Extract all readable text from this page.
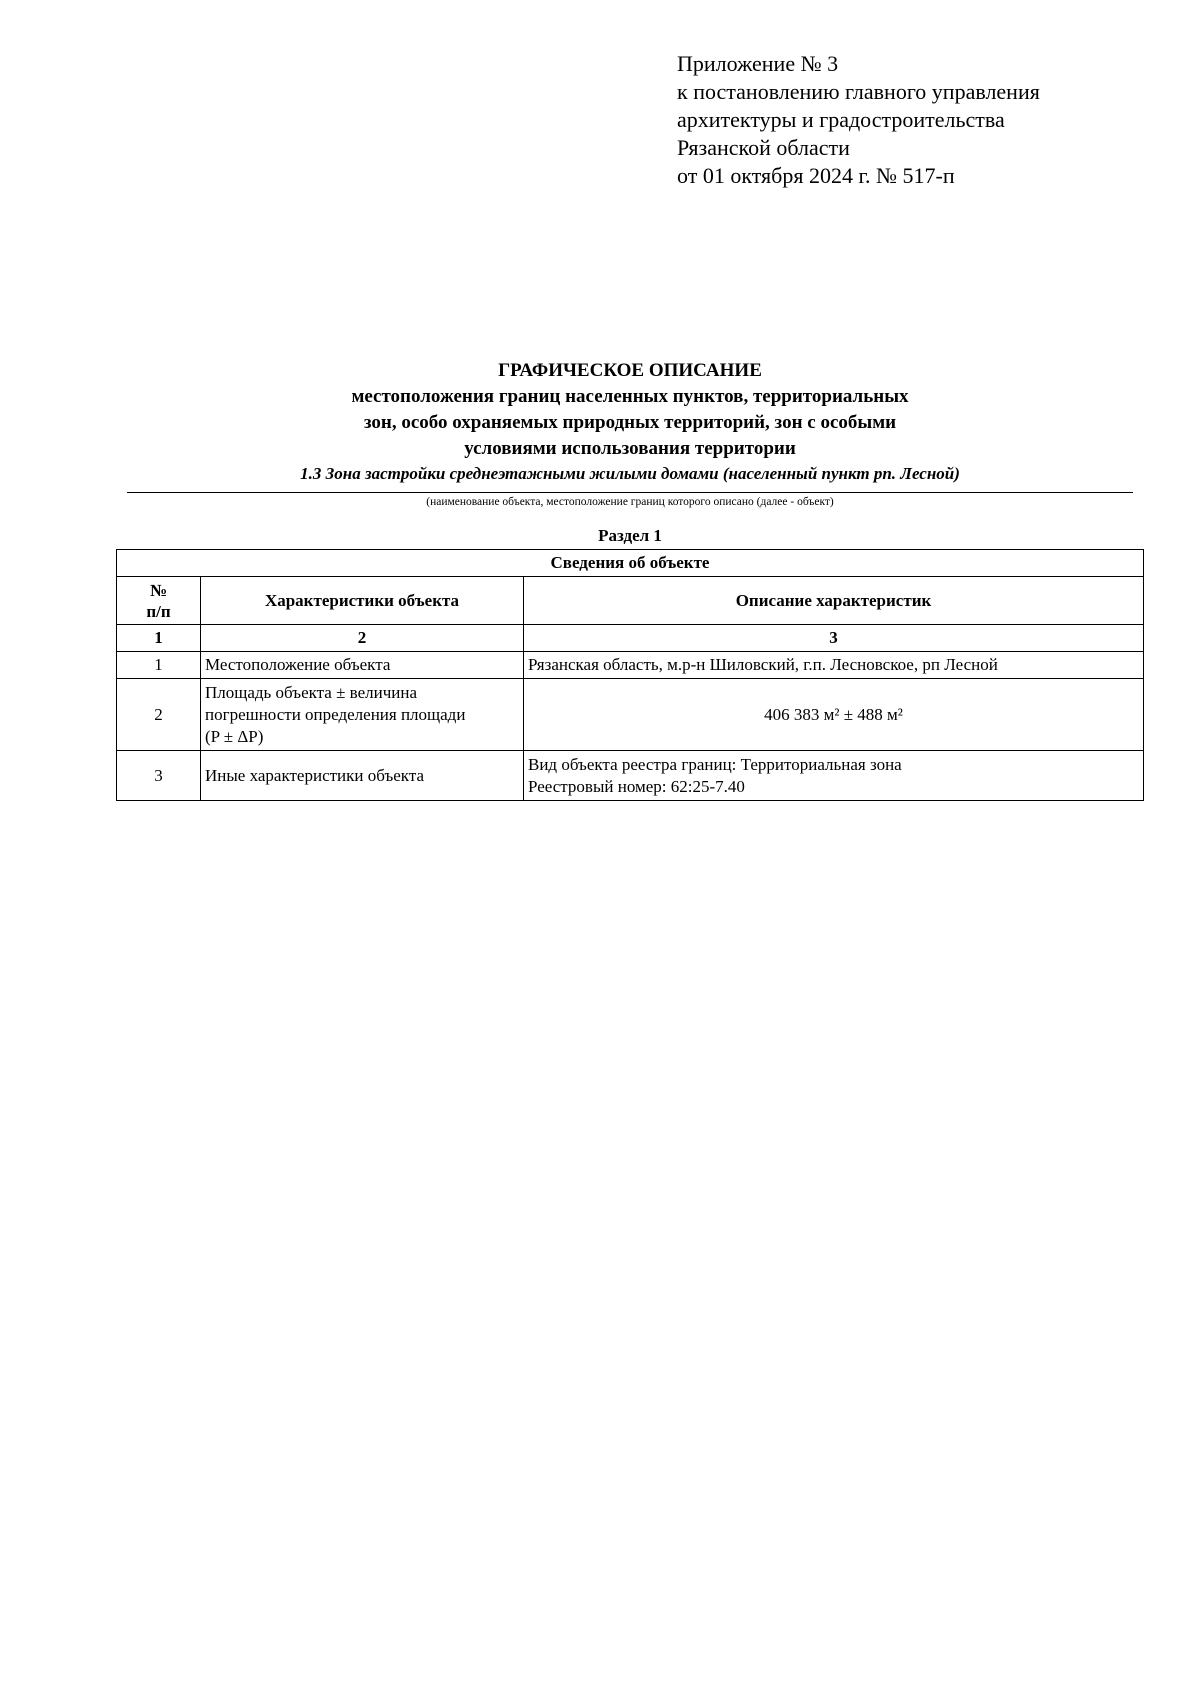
Приложение № 3
к постановлению главного управления
архитектуры и градостроительства
Рязанской области
от 01 октября 2024 г. № 517-п
ГРАФИЧЕСКОЕ ОПИСАНИЕ
местоположения границ населенных пунктов, территориальных
зон, особо охраняемых природных территорий, зон с особыми
условиями использования территории
1.3 Зона застройки среднеэтажными жилыми домами (населенный пункт рп. Лесной)
(наименование объекта, местоположение границ которого описано (далее - объект)
Раздел 1
Сведения об объекте		

№
п/п	Характеристики объекта	Описание характеристик
1	2	3
1	Местоположение объекта	Рязанская область, м.р-н Шиловский, г.п. Лесновское, рп Лесной
2	Площадь объекта ± величина
погрешности определения площади
(P ± ΔP)	406 383 м² ± 488 м²
3	Иные характеристики объекта	Вид объекта реестра границ: Территориальная зона
Реестровый номер: 62:25-7.40
